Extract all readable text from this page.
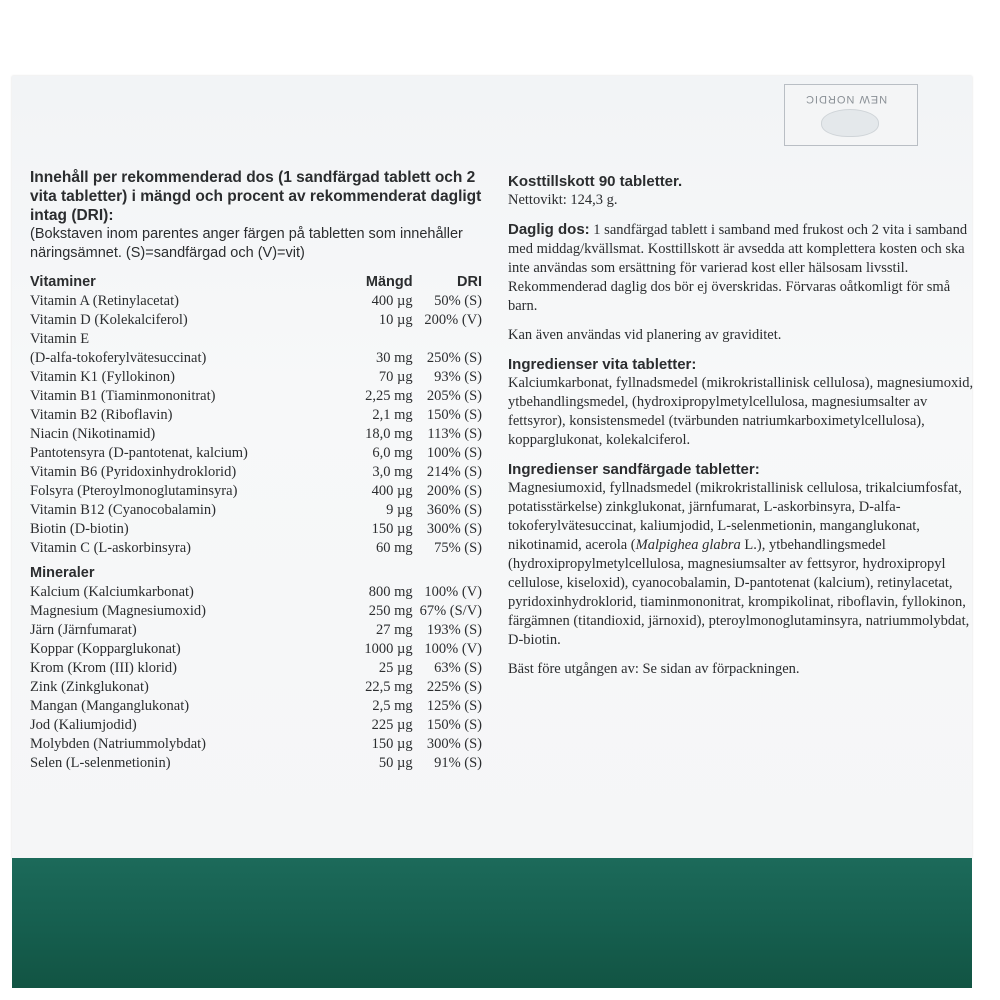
NEW NORDIC
Innehåll per rekommenderad dos (1 sandfärgad tablett och 2 vita tabletter) i mängd och procent av rekommenderat dagligt intag (DRI):
(Bokstaven inom parentes anger färgen på tabletten som innehåller näringsämnet. (S)=sandfärgad och (V)=vit)
Vitaminer	Mängd	DRI
Vitamin A (Retinylacetat)	400 µg	50% (S)
Vitamin D (Kolekalciferol)	10 µg 200% (V)
Vitamin E
(D-alfa-tokoferylvätesuccinat)	30 mg 250% (S)
Vitamin K1 (Fyllokinon)	70 µg	93% (S)
Vitamin B1 (Tiaminmononitrat)	2,25 mg 205% (S)
Vitamin B2 (Riboflavin)	2,1 mg 150% (S)
Niacin (Nikotinamid)	18,0 mg	113% (S)
Pantotensyra (D-pantotenat, kalcium)	6,0 mg 100% (S)
Vitamin B6 (Pyridoxinhydroklorid)	3,0 mg 214% (S)
Folsyra (Pteroylmonoglutaminsyra)	400 µg 200% (S)
Vitamin B12 (Cyanocobalamin)	9 µg 360% (S)
Biotin (D-biotin)	150 µg 300% (S)
Vitamin C (L-askorbinsyra)	60 mg	75% (S)
Mineraler
Kalcium (Kalciumkarbonat)	800 mg 100% (V)
Magnesium (Magnesiumoxid)	250 mg 67% (S/V)
Järn (Järnfumarat)	27 mg 193% (S)
Koppar (Kopparglukonat)	1000 µg 100% (V)
Krom (Krom (III) klorid)	25 µg	63% (S)
Zink (Zinkglukonat)	22,5 mg 225% (S)
Mangan (Manganglukonat)	2,5 mg 125% (S)
Jod (Kaliumjodid)	225 µg 150% (S)
Molybden (Natriummolybdat)	150 µg 300% (S)
Selen (L-selenmetionin)	50 µg	91% (S)
Kosttillskott 90 tabletter.

Nettovikt: 124,3 g.

Daglig dos: 1 sandfärgad tablett i samband med frukost och 2 vita i samband med middag/kvällsmat. Kosttillskott är avsedda att komplettera kosten och ska inte användas som ersättning för varierad kost eller hälsosam livsstil. Rekommenderad daglig dos bör ej överskridas. Förvaras oåtkomligt för små barn.

Kan även användas vid planering av graviditet.

Ingredienser vita tabletter:

Kalciumkarbonat, fyllnadsmedel (mikrokristallinisk cellulosa), magnesiumoxid, ytbehandlingsmedel, (hydroxipropylmetylcellulosa, magnesiumsalter av fettsyror), konsistensmedel (tvärbunden natriumkarboximetylcellulosa), kopparglukonat, kolekalciferol.

Ingredienser sandfärgade tabletter:

Magnesiumoxid, fyllnadsmedel (mikrokristallinisk cellulosa, trikalciumfosfat, potatisstärkelse) zinkglukonat, järnfumarat, L-askorbinsyra, D-alfa-tokoferylvätesuccinat, kaliumjodid, L-selenmetionin, manganglukonat, nikotinamid, acerola (Malpighea glabra L.), ytbehandlingsmedel (hydroxipropylmetylcellulosa, magnesiumsalter av fettsyror, hydroxipropyl cellulose, kiseloxid), cyanocobalamin, D-pantotenat (kalcium), retinylacetat, pyridoxinhydroklorid, tiaminmononitrat, krompikolinat, riboflavin, fyllokinon, färgämnen (titandioxid, järnoxid), pteroylmonoglutaminsyra, natriummolybdat, D-biotin.

Bäst före utgången av: Se sidan av förpackningen.
